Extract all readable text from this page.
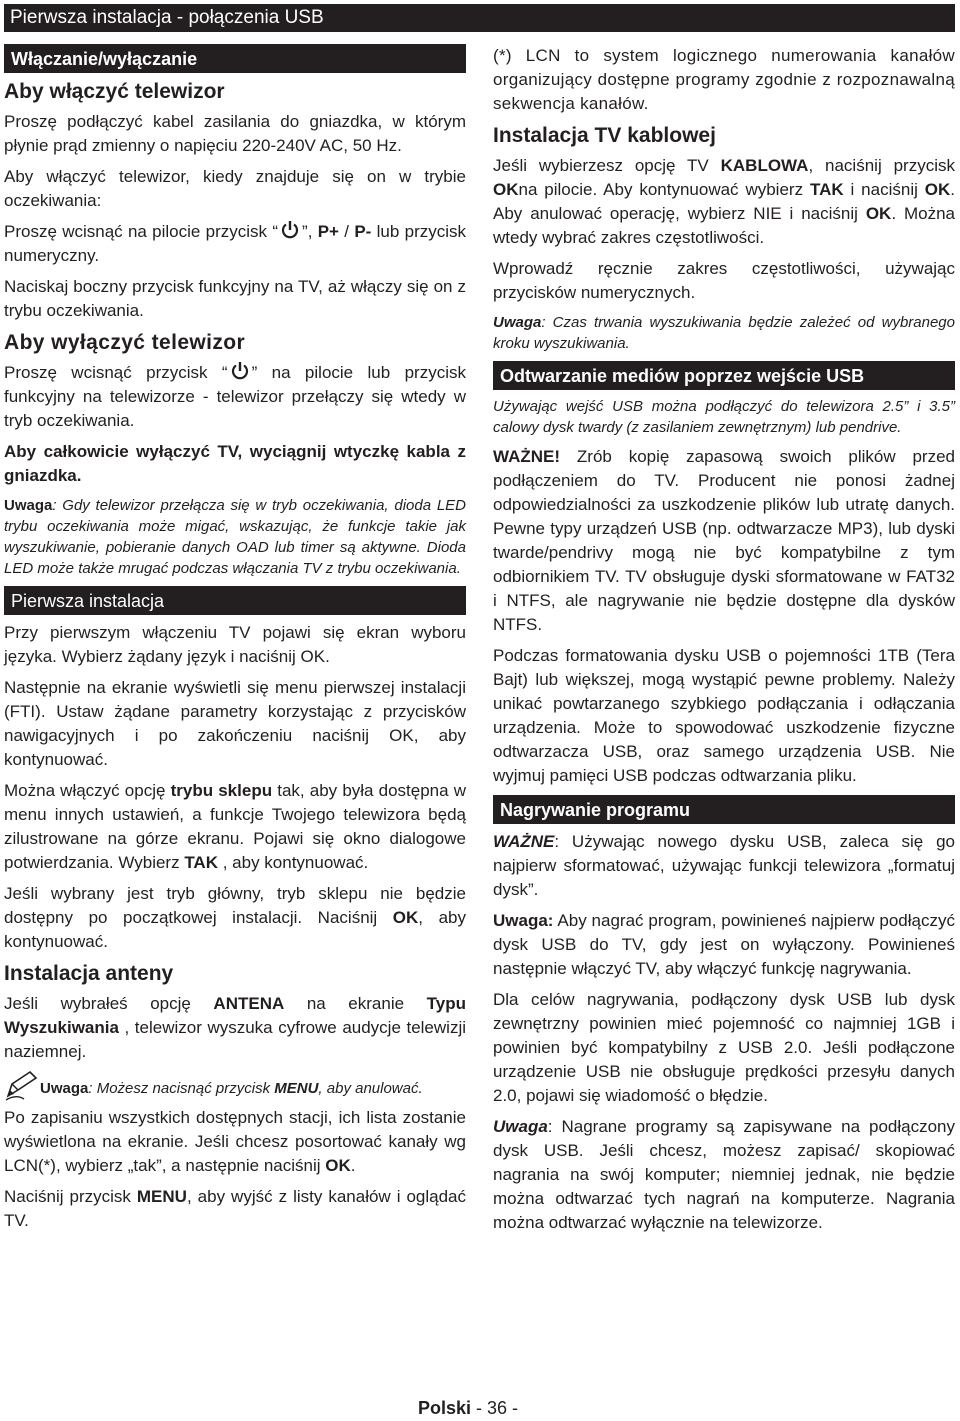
Pierwsza instalacja - połączenia USB
Włączanie/wyłączanie
Aby włączyć telewizor

Proszę podłączyć kabel zasilania do gniazdka, w którym płynie prąd zmienny o napięciu 220-240V AC, 50 Hz.

Aby włączyć telewizor, kiedy znajduje się on w trybie oczekiwania:

Proszę wcisnąć na pilocie przycisk “ ”, P+ / P- lub przycisk numeryczny.

Naciskaj boczny przycisk funkcyjny na TV, aż włączy się on z trybu oczekiwania.

Aby wyłączyć telewizor

Proszę wcisnąć przycisk “ ” na pilocie lub przycisk funkcyjny na telewizorze - telewizor przełączy się wtedy w tryb oczekiwania.

Aby całkowicie wyłączyć TV, wyciągnij wtyczkę kabla z gniazdka.

Uwaga: Gdy telewizor przełącza się w tryb oczekiwania, dioda LED trybu oczekiwania może migać, wskazując, że funkcje takie jak wyszukiwanie, pobieranie danych OAD lub timer są aktywne. Dioda LED może także mrugać podczas włączania TV z trybu oczekiwania.

Pierwsza instalacja

Przy pierwszym włączeniu TV pojawi się ekran wyboru języka. Wybierz żądany język i naciśnij OK.

Następnie na ekranie wyświetli się menu pierwszej instalacji (FTI). Ustaw żądane parametry korzystając z przycisków nawigacyjnych i po zakończeniu naciśnij OK, aby kontynuować.

Można włączyć opcję trybu sklepu tak, aby była dostępna w menu innych ustawień, a funkcje Twojego telewizora będą zilustrowane na górze ekranu. Pojawi się okno dialogowe potwierdzania. Wybierz TAK , aby kontynuować.

Jeśli wybrany jest tryb główny, tryb sklepu nie będzie dostępny po początkowej instalacji. Naciśnij OK, aby kontynuować.

Instalacja anteny

Jeśli wybrałeś opcję ANTENA na ekranie Typu Wyszukiwania , telewizor wyszuka cyfrowe audycje telewizji naziemnej.

Uwaga: Możesz nacisnąć przycisk MENU, aby anulować.

Po zapisaniu wszystkich dostępnych stacji, ich lista zostanie wyświetlona na ekranie. Jeśli chcesz posortować kanały wg LCN(*), wybierz „tak”, a następnie naciśnij OK.

Naciśnij przycisk MENU, aby wyjść z listy kanałów i oglądać TV.

(*) LCN to system logicznego numerowania kanałów organizujący dostępne programy zgodnie z rozpoznawalną sekwencja kanałów.

Instalacja TV kablowej

Jeśli wybierzesz opcję TV KABLOWA, naciśnij przycisk OKna pilocie. Aby kontynuować wybierz TAK i naciśnij OK. Aby anulować operację, wybierz NIE i naciśnij OK. Można wtedy wybrać zakres częstotliwości.

Wprowadź ręcznie zakres częstotliwości, używając przycisków numerycznych.

Uwaga: Czas trwania wyszukiwania będzie zależeć od wybranego kroku wyszukiwania.

Odtwarzanie mediów poprzez wejście USB

Używając wejść USB można podłączyć do telewizora 2.5” i 3.5” calowy dysk twardy (z zasilaniem zewnętrznym) lub pendrive.

WAŻNE! Zrób kopię zapasową swoich plików przed podłączeniem do TV. Producent nie ponosi żadnej odpowiedzialności za uszkodzenie plików lub utratę danych. Pewne typy urządzeń USB (np. odtwarzacze MP3), lub dyski twarde/pendrivy mogą nie być kompatybilne z tym odbiornikiem TV. TV obsługuje dyski sformatowane w FAT32 i NTFS, ale nagrywanie nie będzie dostępne dla dysków NTFS.

Podczas formatowania dysku USB o pojemności 1TB (Tera Bajt) lub większej, mogą wystąpić pewne problemy. Należy unikać powtarzanego szybkiego podłączania i odłączania urządzenia. Może to spowodować uszkodzenie fizyczne odtwarzacza USB, oraz samego urządzenia USB. Nie wyjmuj pamięci USB podczas odtwarzania pliku.

Nagrywanie programu

WAŻNE: Używając nowego dysku USB, zaleca się go najpierw sformatować, używając funkcji telewizora „formatuj dysk”.

Uwaga: Aby nagrać program, powinieneś najpierw podłączyć dysk USB do TV, gdy jest on wyłączony. Powinieneś następnie włączyć TV, aby włączyć funkcję nagrywania.

Dla celów nagrywania, podłączony dysk USB lub dysk zewnętrzny powinien mieć pojemność co najmniej 1GB i powinien być kompatybilny z USB 2.0. Jeśli podłączone urządzenie USB nie obsługuje prędkości przesyłu danych 2.0, pojawi się wiadomość o błędzie.

Uwaga: Nagrane programy są zapisywane na podłączony dysk USB. Jeśli chcesz, możesz zapisać/ skopiować nagrania na swój komputer; niemniej jednak, nie będzie można odtwarzać tych nagrań na komputerze. Nagrania można odtwarzać wyłącznie na telewizorze.

Polski - 36 -
